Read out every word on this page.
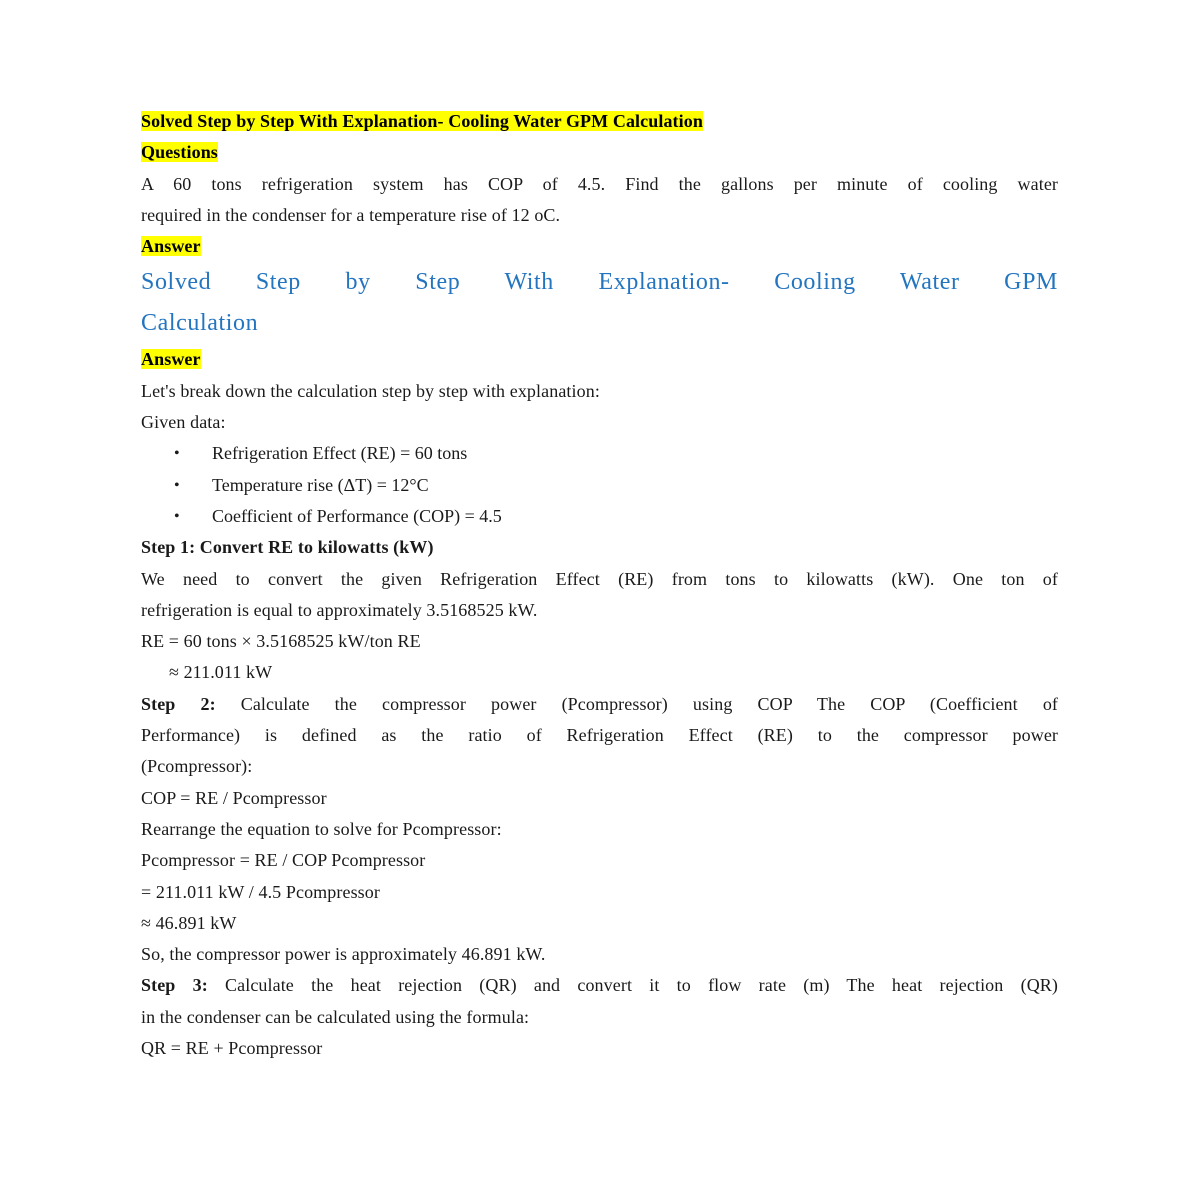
Solved Step by Step With Explanation- Cooling Water GPM Calculation
Questions
A 60 tons refrigeration system has COP of 4.5. Find the gallons per minute of cooling water
required in the condenser for a temperature rise of 12 oC.
Answer
Solved Step by Step With Explanation- Cooling Water GPM
Calculation
Answer
Let's break down the calculation step by step with explanation:
Given data:
• Refrigeration Effect (RE) = 60 tons
• Temperature rise (ΔT) = 12°C
• Coefficient of Performance (COP) = 4.5
Step 1: Convert RE to kilowatts (kW)
We need to convert the given Refrigeration Effect (RE) from tons to kilowatts (kW). One ton of
refrigeration is equal to approximately 3.5168525 kW.
RE = 60 tons × 3.5168525 kW/ton RE
≈ 211.011 kW
Step 2: Calculate the compressor power (Pcompressor) using COP The COP (Coefficient of
Performance) is defined as the ratio of Refrigeration Effect (RE) to the compressor power
(Pcompressor):
COP = RE / Pcompressor
Rearrange the equation to solve for Pcompressor:
Pcompressor = RE / COP Pcompressor
= 211.011 kW / 4.5 Pcompressor
≈ 46.891 kW
So, the compressor power is approximately 46.891 kW.
Step 3: Calculate the heat rejection (QR) and convert it to flow rate (m) The heat rejection (QR)
in the condenser can be calculated using the formula:
QR = RE + Pcompressor
